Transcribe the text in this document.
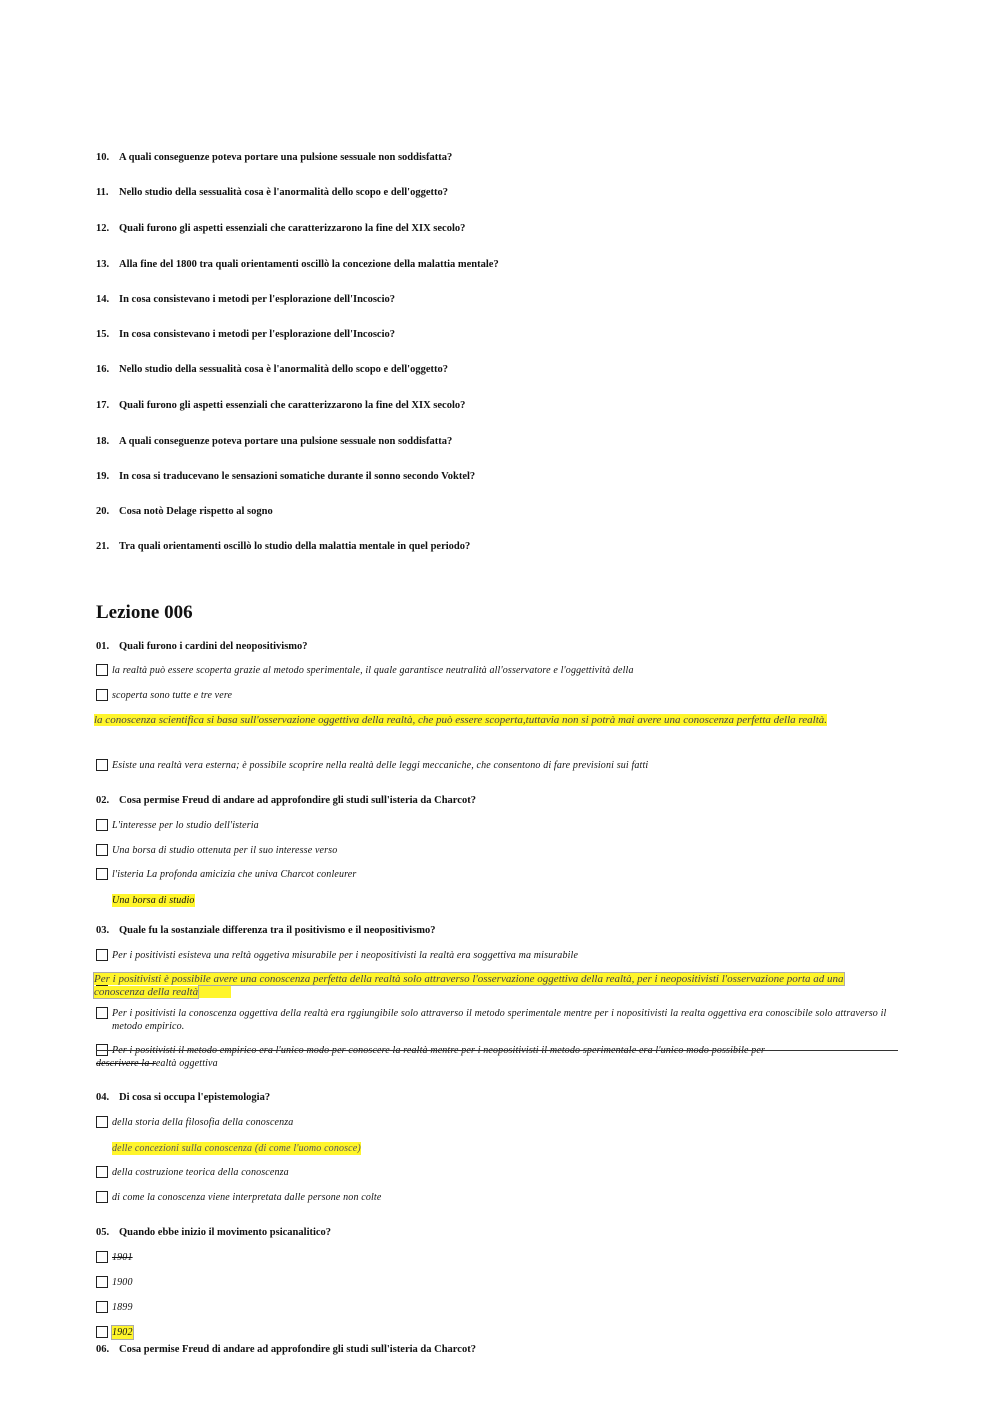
10. A quali conseguenze poteva portare una pulsione sessuale non soddisfatta?
11. Nello studio della sessualità cosa è l'anormalità dello scopo e dell'oggetto?
12. Quali furono gli aspetti essenziali che caratterizzarono la fine del XIX secolo?
13. Alla fine del 1800 tra quali orientamenti oscillò la concezione della malattia mentale?
14. In cosa consistevano i metodi per l'esplorazione dell'Incoscio?
15. In cosa consistevano i metodi per l'esplorazione dell'Incoscio?
16. Nello studio della sessualità cosa è l'anormalità dello scopo e dell'oggetto?
17. Quali furono gli aspetti essenziali che caratterizzarono la fine del XIX secolo?
18. A quali conseguenze poteva portare una pulsione sessuale non soddisfatta?
19. In cosa si traducevano le sensazioni somatiche durante il sonno secondo Voktel?
20. Cosa notò Delage rispetto al sogno
21. Tra quali orientamenti oscillò lo studio della malattia mentale in quel periodo?
Lezione 006
01. Quali furono i cardini del neopositivismo?
la realtà può essere scoperta grazie al metodo sperimentale, il quale garantisce neutralità all'osservatore e l'oggettività della
scoperta sono tutte e tre vere
la conoscenza scientifica si basa sull'osservazione oggettiva della realtà, che può essere scoperta,tuttavia non si potrà mai avere una conoscenza perfetta della realtà.
Esiste una realtà vera esterna; è possibile scoprire nella realtà delle leggi meccaniche, che consentono di fare previsioni sui fatti
02. Cosa permise Freud di andare ad approfondire gli studi sull'isteria da Charcot?
L'interesse per lo studio dell'isteria
Una borsa di studio ottenuta per il suo interesse verso
l'isteria La profonda amicizia che univa Charcot conleurer
Una borsa di studio
03. Quale fu la sostanziale differenza tra il positivismo e il neopositivismo?
Per i positivisti esisteva una reltà oggetiva misurabile per i neopositivisti la realtà era soggettiva ma misurabile
Per i positivisti è possibile avere una conoscenza perfetta della realtà solo attraverso l'osservazione oggettiva della realtà, per i neopositivisti l'osservazione porta ad una conoscenza della realtà
Per i positivisti la conoscenza oggettiva della realtà era rggiungibile solo attraverso il metodo sperimentale mentre per i nopositivisti la realta oggettiva era conoscibile solo attraverso il metodo empirico.
descrivere la realtà oggettiva
04. Di cosa si occupa l'epistemologia?
della storia della filosofia della conoscenza
delle concezioni sulla conoscenza (di come l'uomo conosce)
della costruzione teorica della conoscenza
di come la conoscenza viene interpretata dalle persone non colte
05. Quando ebbe inizio il movimento psicanalitico?
1901
1900
1899
1902
06. Cosa permise Freud di andare ad approfondire gli studi sull'isteria da Charcot?
